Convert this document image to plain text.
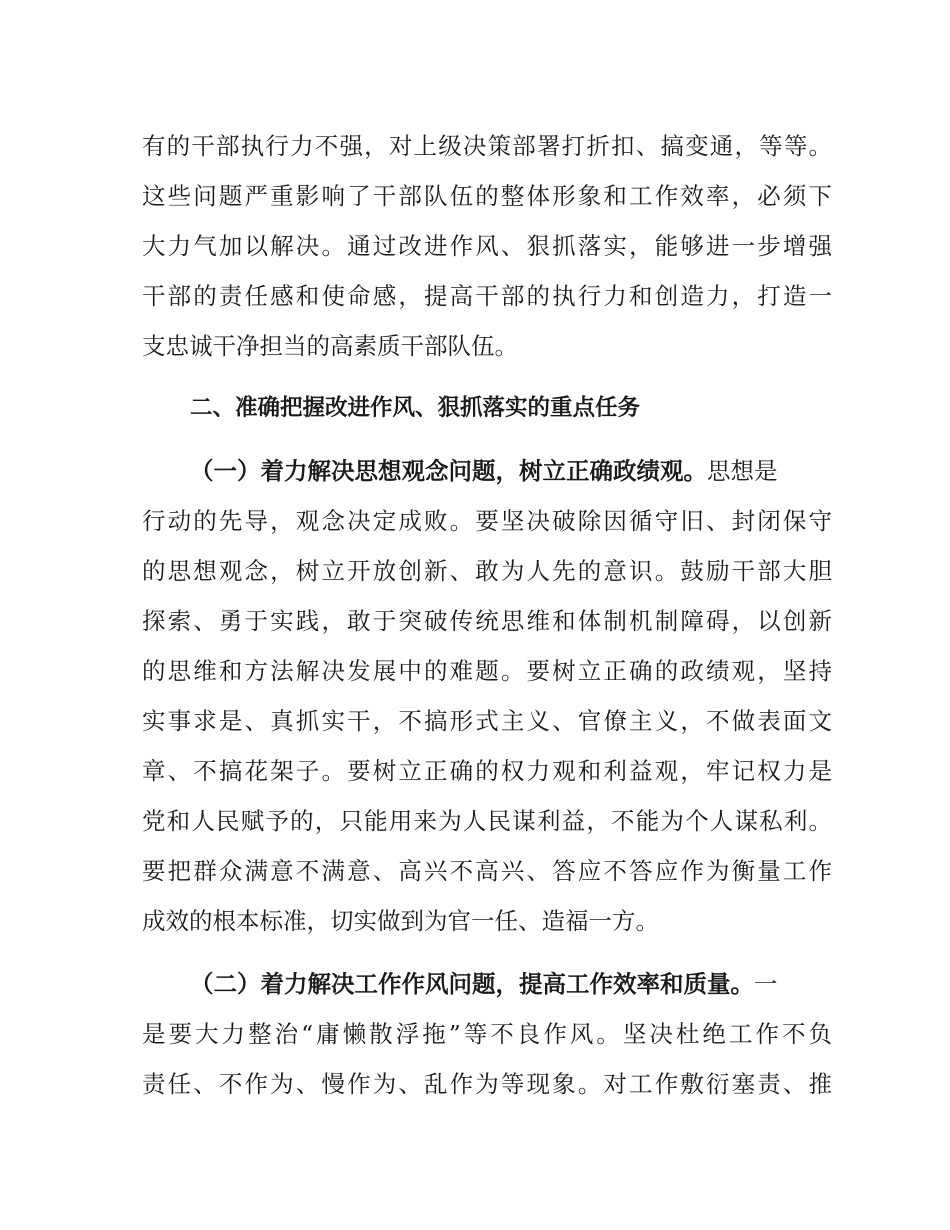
有的干部执行力不强，对上级决策部署打折扣、搞变通，等等。
这些问题严重影响了干部队伍的整体形象和工作效率，必须下
大力气加以解决。通过改进作风、狠抓落实，能够进一步增强
干部的责任感和使命感，提高干部的执行力和创造力，打造一
支忠诚干净担当的高素质干部队伍。
二、准确把握改进作风、狠抓落实的重点任务
（一）着力解决思想观念问题，树立正确政绩观。思想是
行动的先导，观念决定成败。要坚决破除因循守旧、封闭保守
的思想观念，树立开放创新、敢为人先的意识。鼓励干部大胆
探索、勇于实践，敢于突破传统思维和体制机制障碍，以创新
的思维和方法解决发展中的难题。要树立正确的政绩观，坚持
实事求是、真抓实干，不搞形式主义、官僚主义，不做表面文
章、不搞花架子。要树立正确的权力观和利益观，牢记权力是
党和人民赋予的，只能用来为人民谋利益，不能为个人谋私利。
要把群众满意不满意、高兴不高兴、答应不答应作为衡量工作
成效的根本标准，切实做到为官一任、造福一方。
（二）着力解决工作作风问题，提高工作效率和质量。一
是要大力整治“庸懒散浮拖”等不良作风。坚决杜绝工作不负
责任、不作为、慢作为、乱作为等现象。对工作敷衍塞责、推
